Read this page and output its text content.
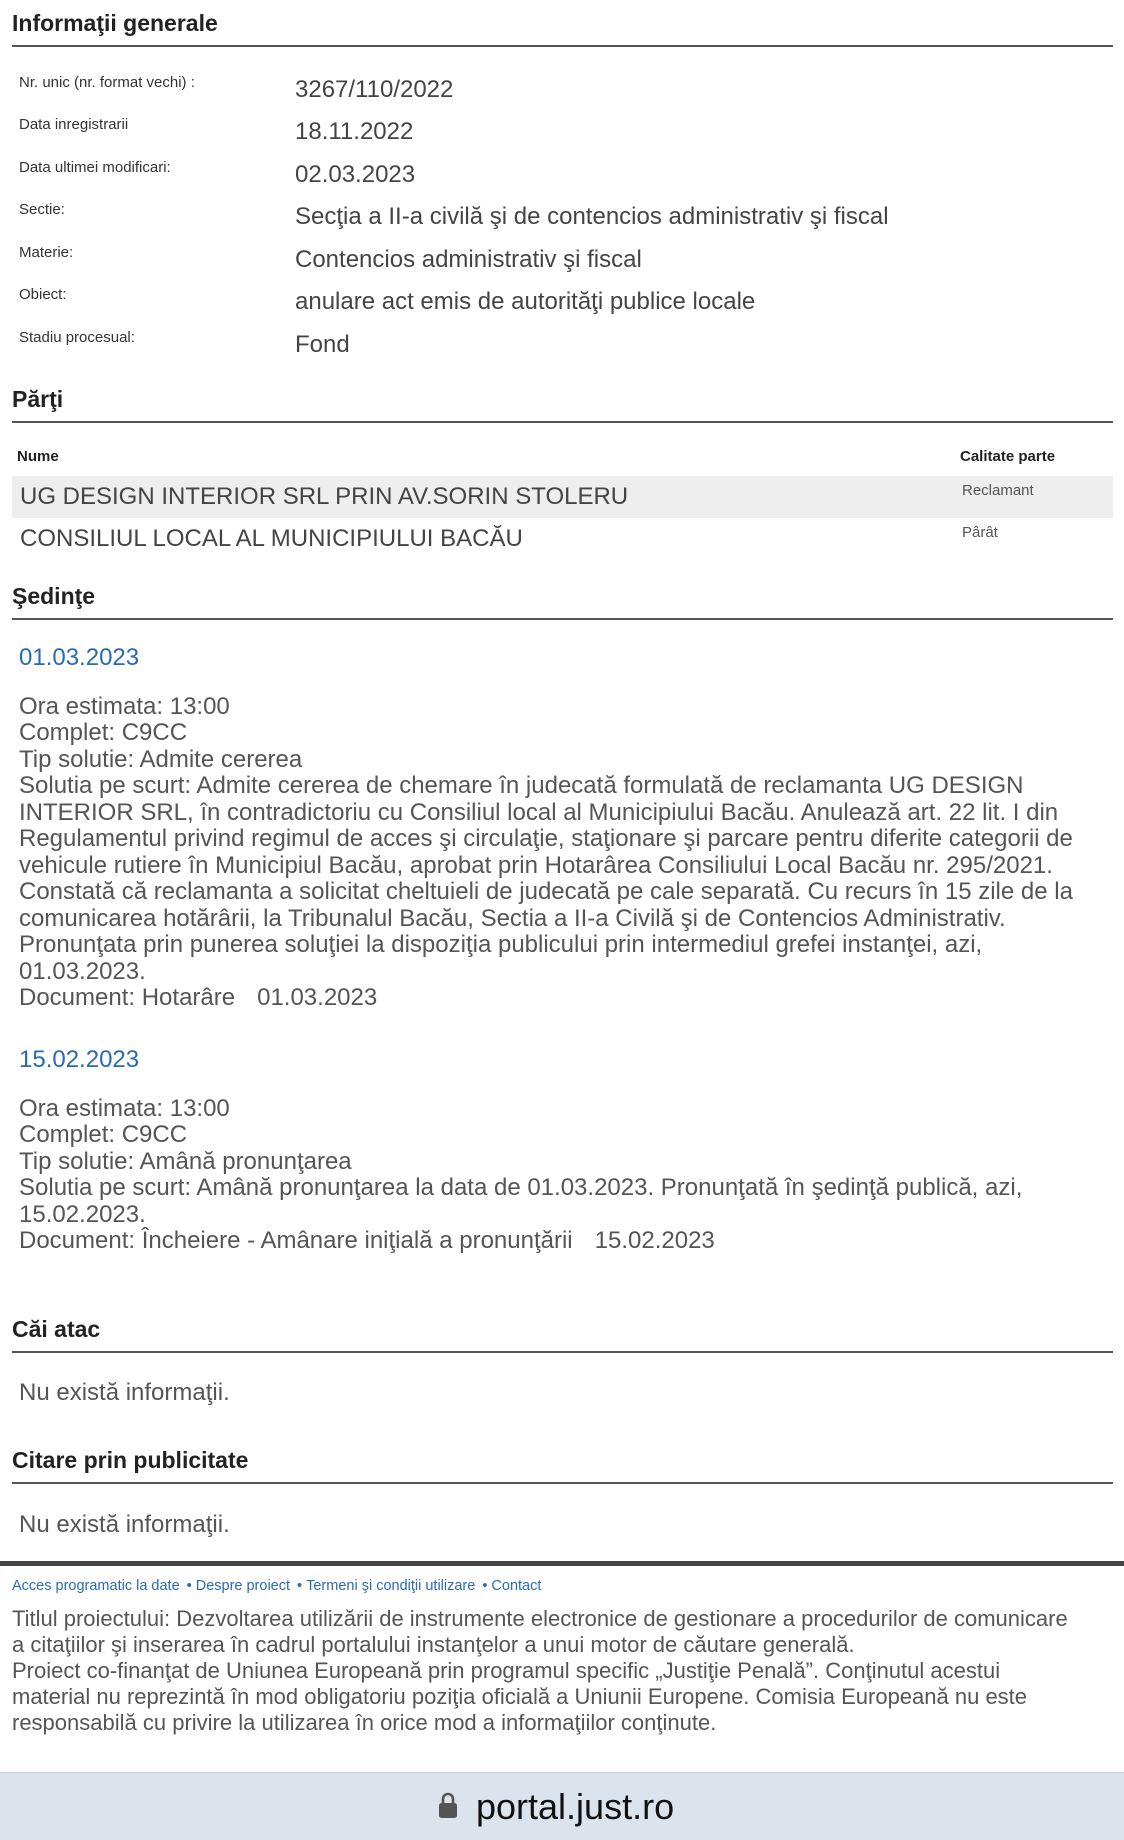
Informaţii generale
Nr. unic (nr. format vechi) :	3267/110/2022
Data inregistrarii	18.11.2022
Data ultimei modificari:	02.03.2023
Sectie:	Secţia a II-a civilă şi de contencios administrativ şi fiscal
Materie:	Contencios administrativ şi fiscal
Obiect:	anulare act emis de autorităţi publice locale
Stadiu procesual:	Fond
Părţi
Nume	Calitate parte
UG DESIGN INTERIOR SRL PRIN AV.SORIN STOLERU	Reclamant
CONSILIUL LOCAL AL MUNICIPIULUI BACĂU	Pârât
Şedinţe
01.03.2023
Ora estimata: 13:00
Complet: C9CC
Tip solutie: Admite cererea
Solutia pe scurt: Admite cererea de chemare în judecată formulată de reclamanta UG DESIGN
INTERIOR SRL, în contradictoriu cu Consiliul local al Municipiului Bacău. Anulează art. 22 lit. I din
Regulamentul privind regimul de acces şi circulaţie, staţionare şi parcare pentru diferite categorii de
vehicule rutiere în Municipiul Bacău, aprobat prin Hotarârea Consiliului Local Bacău nr. 295/2021.
Constată că reclamanta a solicitat cheltuieli de judecată pe cale separată. Cu recurs în 15 zile de la
comunicarea hotărârii, la Tribunalul Bacău, Sectia a II-a Civilă şi de Contencios Administrativ.
Pronunţata prin punerea soluţiei la dispoziţia publicului prin intermediul grefei instanţei, azi,
01.03.2023.
Document: Hotarâre 01.03.2023
15.02.2023
Ora estimata: 13:00
Complet: C9CC
Tip solutie: Amână pronunţarea
Solutia pe scurt: Amână pronunţarea la data de 01.03.2023. Pronunţată în şedinţă publică, azi,
15.02.2023.
Document: Încheiere - Amânare iniţială a pronunţării 15.02.2023
Căi atac
Nu există informaţii.
Citare prin publicitate
Nu există informaţii.
Acces programatic la date • Despre proiect • Termeni şi condiţii utilizare • Contact

Titlul proiectului: Dezvoltarea utilizării de instrumente electronice de gestionare a procedurilor de comunicare

a citaţiilor şi inserarea în cadrul portalului instanţelor a unui motor de căutare generală.

Proiect co-finanţat de Uniunea Europeană prin programul specific „Justiţie Penală”. Conţinutul acestui

material nu reprezintă în mod obligatoriu poziţia oficială a Uniunii Europene. Comisia Europeană nu este

responsabilă cu privire la utilizarea în orice mod a informaţiilor conţinute.

portal.just.ro
